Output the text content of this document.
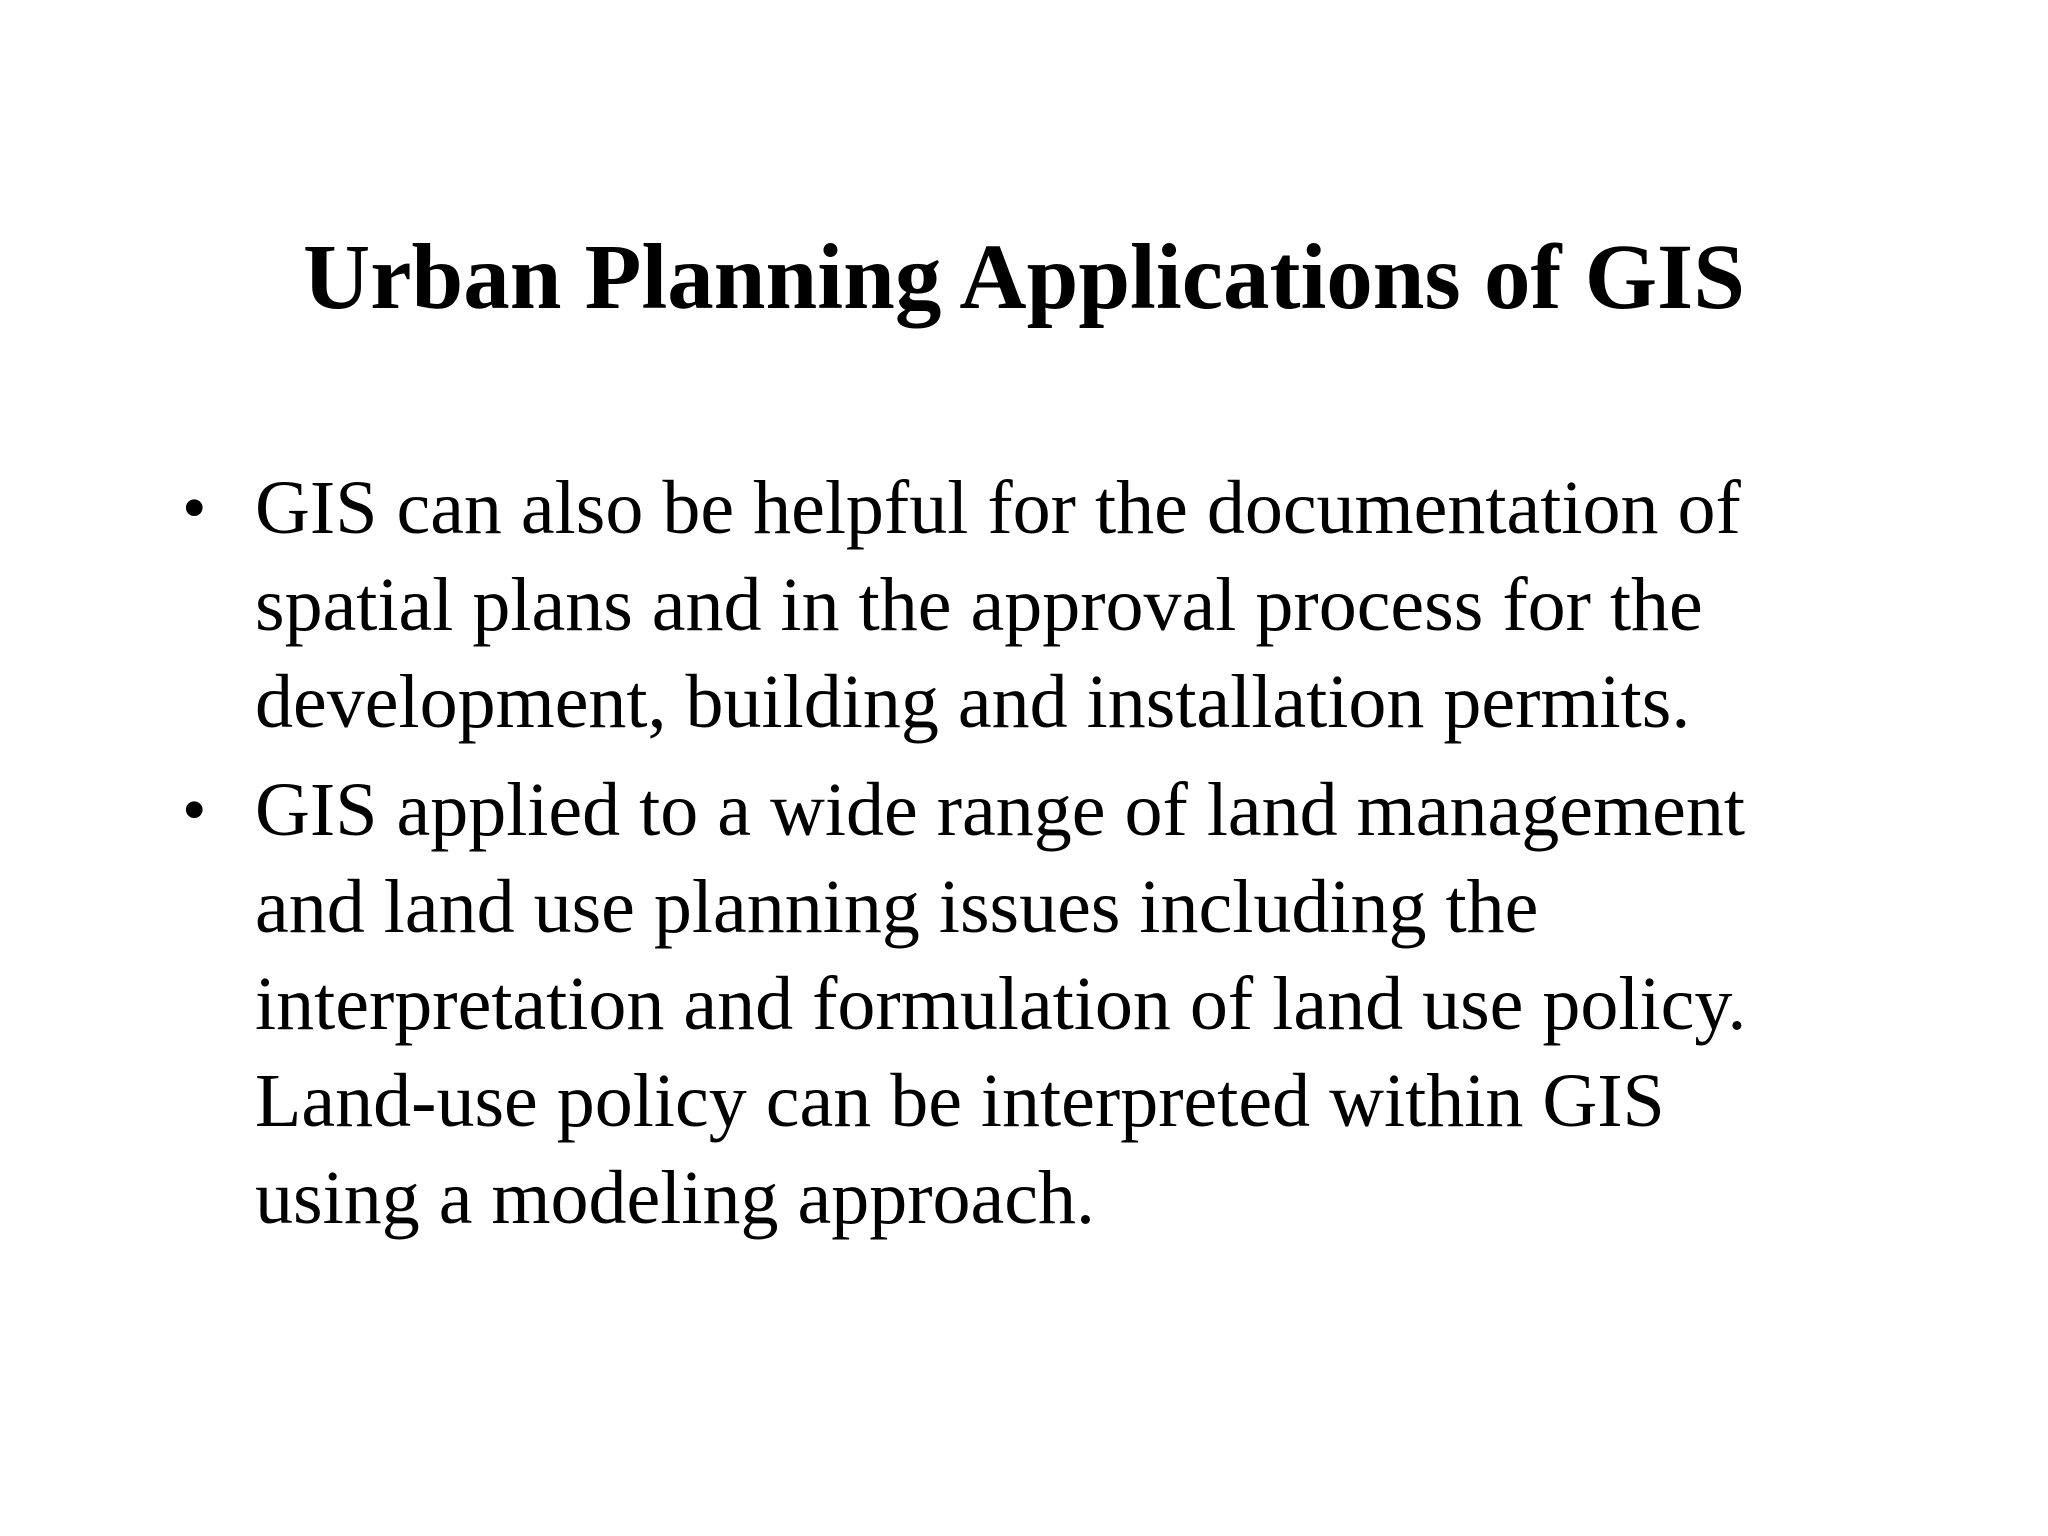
Urban Planning Applications of GIS
• GIS can also be helpful for the documentation of
spatial plans and in the approval process for the
development, building and installation permits.
• GIS applied to a wide range of land management
and land use planning issues including the
interpretation and formulation of land use policy.
Land-use policy can be interpreted within GIS
using a modeling approach.
